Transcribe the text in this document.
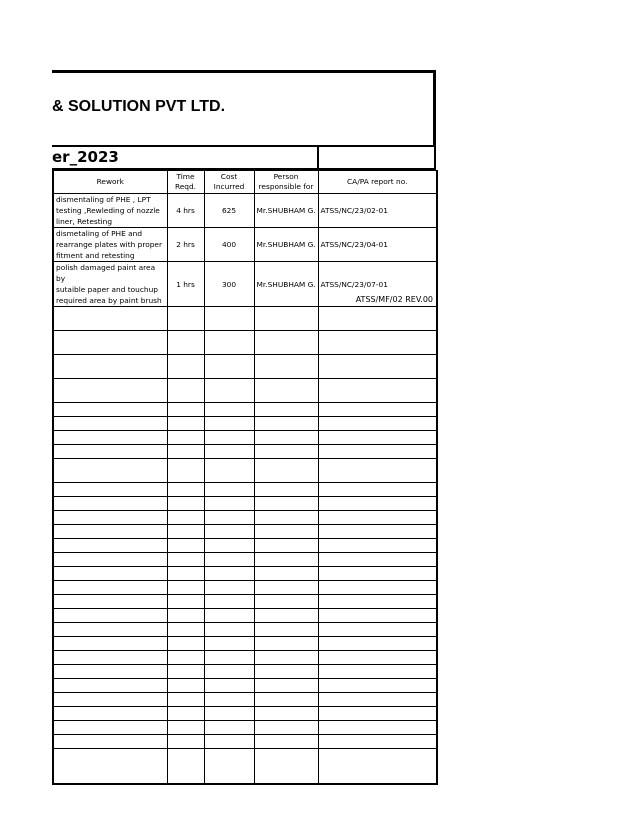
& SOLUTION PVT LTD.
er_2023
ATSS/MF/02 REV.00
Rework	Time Reqd.	Cost Incurred	Person responsible for	CA/PA report no.
dismentaling of PHE , LPT
testing ,Rewleding of nozzle
liner, Retesting	4 hrs	625	Mr.SHUBHAM G.	ATSS/NC/23/02-01
dismetaling of PHE and
rearrange plates with proper
fitment and retesting	2 hrs	400	Mr.SHUBHAM G.	ATSS/NC/23/04-01
polish damaged paint area by
sutaible paper and touchup
required area by paint brush	1 hrs	300	Mr.SHUBHAM G.	ATSS/NC/23/07-01
